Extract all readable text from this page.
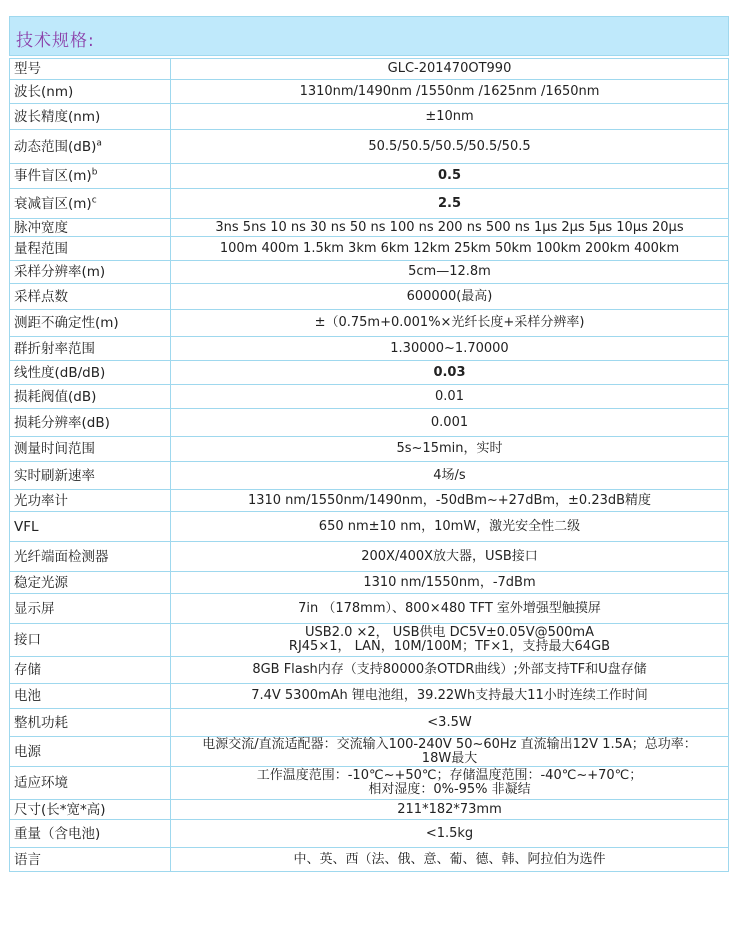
技术规格:
型号	GLC-201470OT990

波长(nm)	1310nm/1490nm /1550nm /1625nm /1650nm

波长精度(nm)	±10nm

动态范围(dB)$^a$	50.5/50.5/50.5/50.5/50.5

事件盲区$(m)^b$	0.5

衰减盲区$(m)^c$	2.5

脉冲宽度	3ns 5ns 10 ns 30 ns 50 ns 100 ns 200 ns 500 ns 1μs 2μs 5μs 10μs 20μs

量程范围	100m 400m 1.5km 3km 6km 12km 25km 50km 100km 200km 400km

采样分辨率(m)	5cm—12.8m

采样点数	600000(最高)

测距不确定性(m)	±（0.75m+0.001%×光纤长度+采样分辨率)

群折射率范围	1.30000~1.70000

线性度(dB/dB)	0.03

损耗阀值(dB)	0.01

损耗分辨率(dB)	0.001

测量时间范围	5s~15min，实时

实时刷新速率	4场/s

光功率计	1310 nm/1550nm/1490nm，-50dBm~+27dBm，±0.23dB精度

VFL	650 nm±10 nm，10mW，激光安全性二级

光纤端面检测器	200X/400X放大器，USB接口

稳定光源	1310 nm/1550nm，-7dBm

显示屏	7in （178mm）、800×480 TFT 室外增强型触摸屏

接口	USB2.0 ×2， USB供电 DC5V±0.05V@500mA
RJ45×1， LAN，10M/100M；TF×1，支持最大64GB

存储	8GB Flash内存（支持80000条OTDR曲线）;外部支持TF和U盘存储

电池	7.4V 5300mAh 锂电池组，39.22Wh支持最大11小时连续工作时间

整机功耗	<3.5W

电源	电源交流/直流适配器：交流输入100-240V 50~60Hz 直流输出12V 1.5A；总功率：
18W最大

适应环境	工作温度范围：-10℃~+50℃；存储温度范围：-40℃~+70℃；
相对湿度：0%-95% 非凝结

尺寸(长*宽*高)	211*182*73mm

重量（含电池)	<1.5kg

语言	中、英、西（法、俄、意、葡、德、韩、阿拉伯为选件
